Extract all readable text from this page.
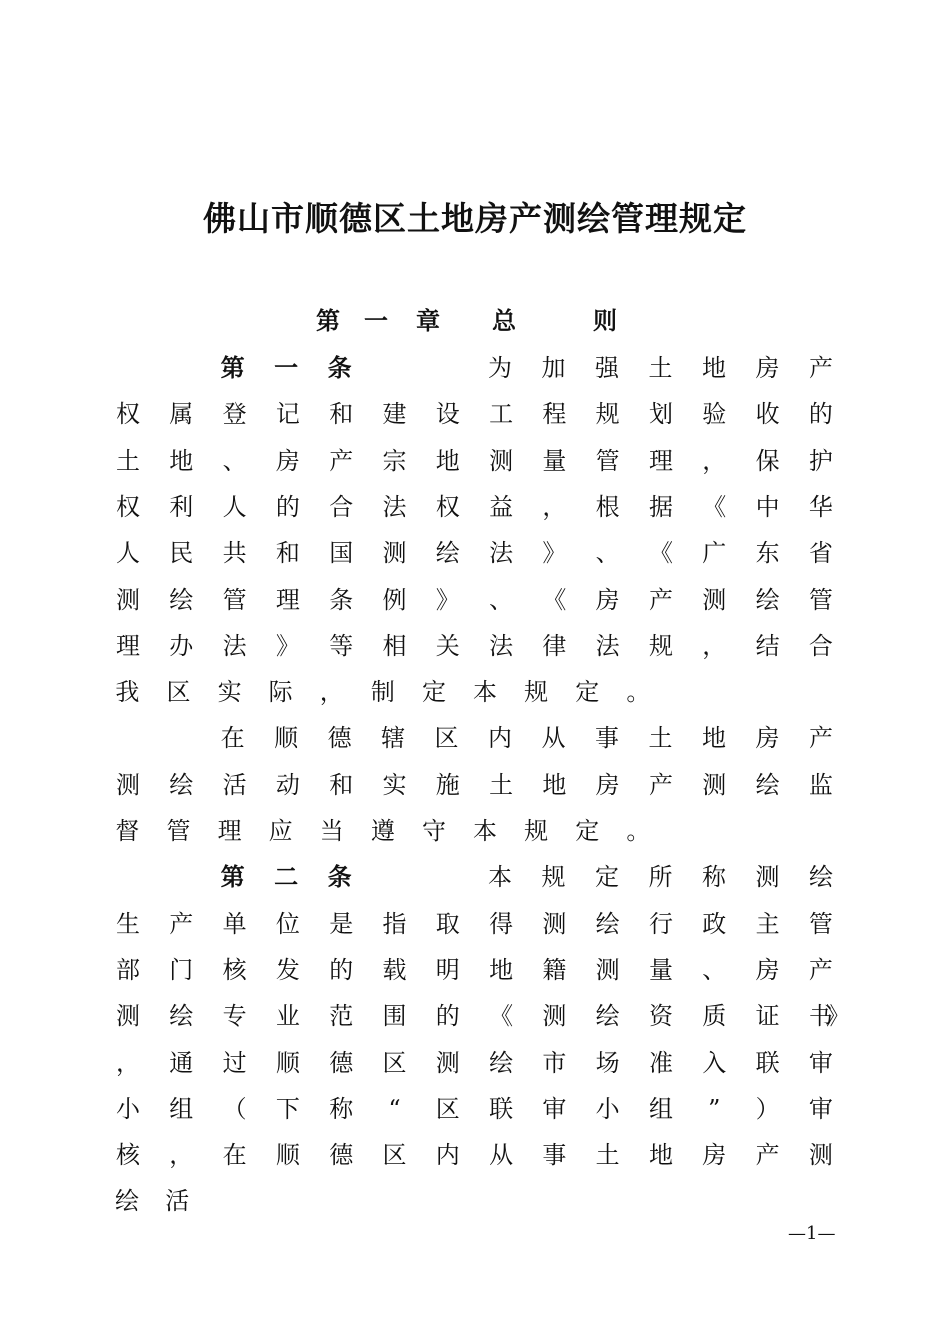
佛山市顺德区土地房产测绘管理规定
第 一 章 总	则
第 一 条	为 加 强 土 地 房 产
权 属 登 记 和 建 设 工 程 规 划 验 收 的
土 地 、 房 产 宗 地 测 量 管 理 ， 保 护
权 利 人 的 合 法 权 益 ， 根 据 《 中 华
人 民 共 和 国 测 绘 法 》 、 《 广 东 省
测 绘 管 理 条 例 》 、 《 房 产 测 绘 管
理 办 法 》 等 相 关 法 律 法 规 ， 结 合
我 区 实 际 ， 制 定 本 规 定 。
在 顺 德 辖 区 内 从 事 土 地 房 产
测 绘 活 动 和 实 施 土 地 房 产 测 绘 监
督 管 理 应 当 遵 守 本 规 定 。
第 二 条	本 规 定 所 称 测 绘
生 产 单 位 是 指 取 得 测 绘 行 政 主 管
部 门 核 发 的 载 明 地 籍 测 量 、 房 产
测 绘 专 业 范 围 的 《 测 绘 资 质 证 书
》
， 通 过 顺 德 区 测 绘 市 场 准 入 联 审
小 组 （ 下 称 “ 区 联 审 小 组 ” ） 审
核 ， 在 顺 德 区 内 从 事 土 地 房 产 测
绘 活
—1—
